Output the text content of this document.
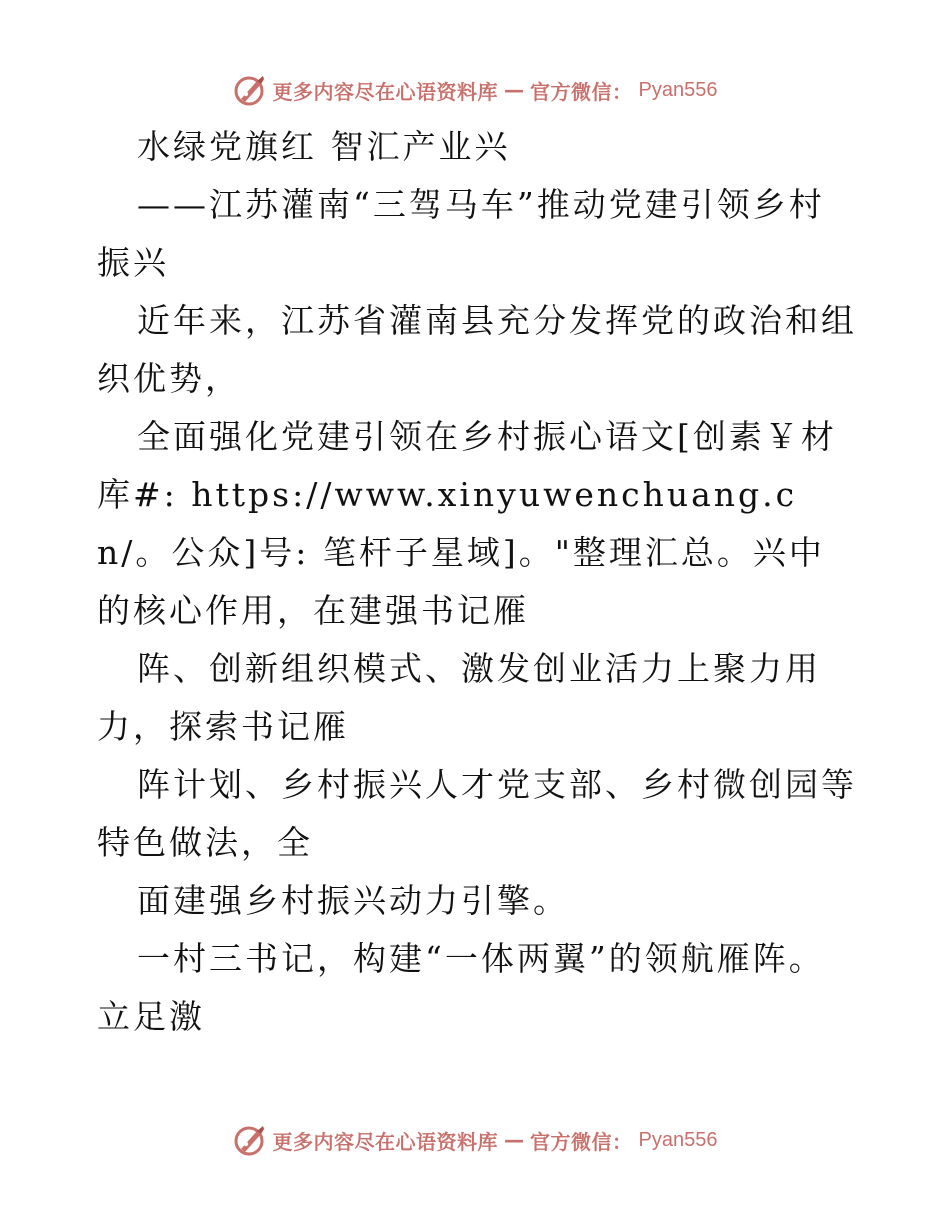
更多内容尽在心语资料库 — 官方微信： Pyan556

水绿党旗红 智汇产业兴

——江苏灌南“三驾马车”推动党建引领乡村振兴

近年来，江苏省灌南县充分发挥党的政治和组织优势，

全面强化党建引领在乡村振心语文[创素￥材库#: https://www.xinyuwenchuang.cn/。公众]号: 笔杆子星域]。"整理汇总。兴中的核心作用，在建强书记雁

阵、创新组织模式、激发创业活力上聚力用力，探索书记雁

阵计划、乡村振兴人才党支部、乡村微创园等特色做法，全

面建强乡村振兴动力引擎。

一村三书记，构建“一体两翼”的领航雁阵。立足激

更多内容尽在心语资料库 — 官方微信： Pyan556
